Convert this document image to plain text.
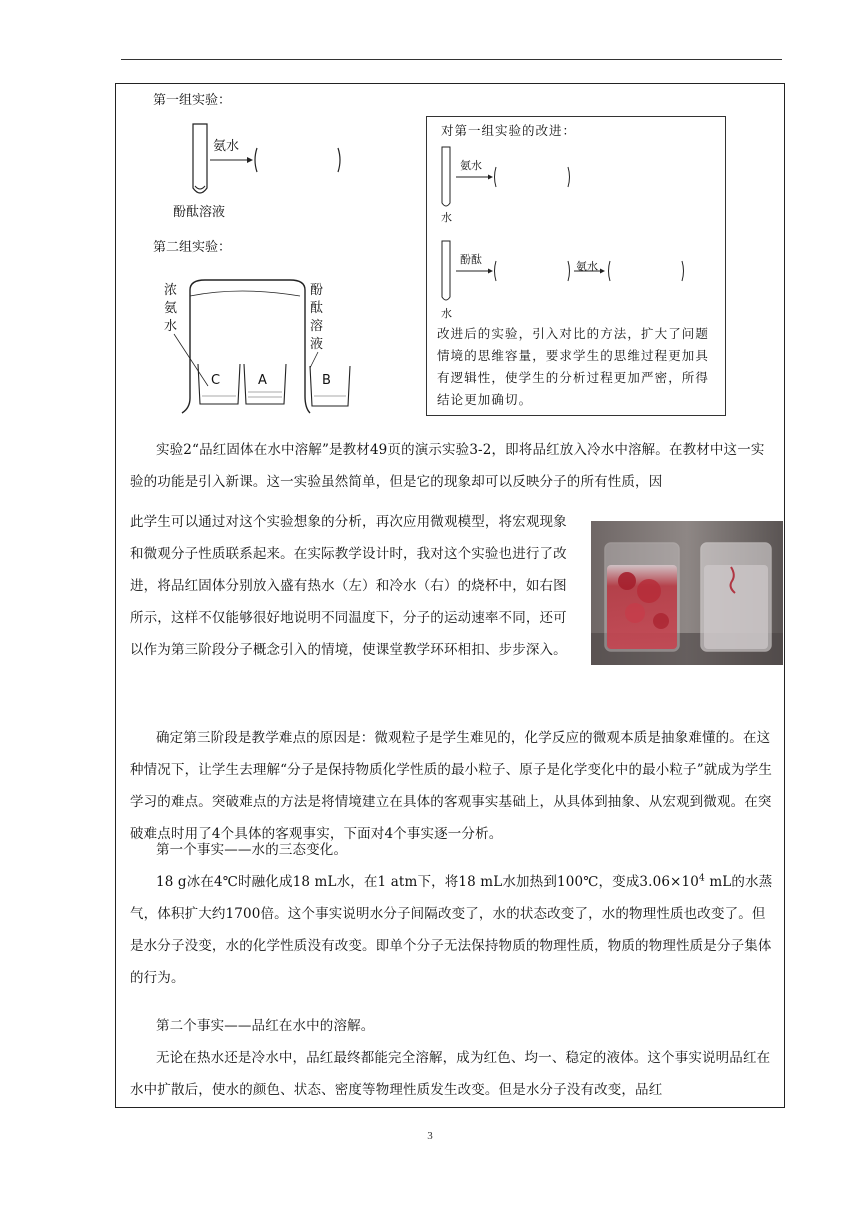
第一组实验：
氨水
酚酞溶液
第二组实验：
浓
氨
水
酚
酞
溶
液
C	A	B
对第一组实验的改进：
水
氨水
水
酚酞
氨水
改进后的实验，引入对比的方法，扩大了问题情境的思维容量，要求学生的思维过程更加具有逻辑性，使学生的分析过程更加严密，所得结论更加确切。
实验2“品红固体在水中溶解”是教材49页的演示实验3-2，即将品红放入冷水中溶解。在教材中这一实验的功能是引入新课。这一实验虽然简单，但是它的现象却可以反映分子的所有性质，因
此学生可以通过对这个实验想象的分析，再次应用微观模型，将宏观现象和微观分子性质联系起来。在实际教学设计时，我对这个实验也进行了改进，将品红固体分别放入盛有热水（左）和冷水（右）的烧杯中，如右图所示，这样不仅能够很好地说明不同温度下，分子的运动速率不同，还可以作为第三阶段分子概念引入的情境，使课堂教学环环相扣、步步深入。
确定第三阶段是教学难点的原因是：微观粒子是学生难见的，化学反应的微观本质是抽象难懂的。在这种情况下，让学生去理解“分子是保持物质化学性质的最小粒子、原子是化学变化中的最小粒子”就成为学生学习的难点。突破难点的方法是将情境建立在具体的客观事实基础上，从具体到抽象、从宏观到微观。在突破难点时用了4个具体的客观事实，下面对4个事实逐一分析。
第一个事实——水的三态变化。
18 g冰在4℃时融化成18 mL水，在1 atm下，将18 mL水加热到100℃，变成$3.06\times 10^4$ mL的水蒸气，体积扩大约1700倍。这个事实说明水分子间隔改变了，水的状态改变了，水的物理性质也改变了。但是水分子没变，水的化学性质没有改变。即单个分子无法保持物质的物理性质，物质的物理性质是分子集体的行为。
第二个事实——品红在水中的溶解。
无论在热水还是冷水中，品红最终都能完全溶解，成为红色、均一、稳定的液体。这个事实说明品红在水中扩散后，使水的颜色、状态、密度等物理性质发生改变。但是水分子没有改变，品红
3
